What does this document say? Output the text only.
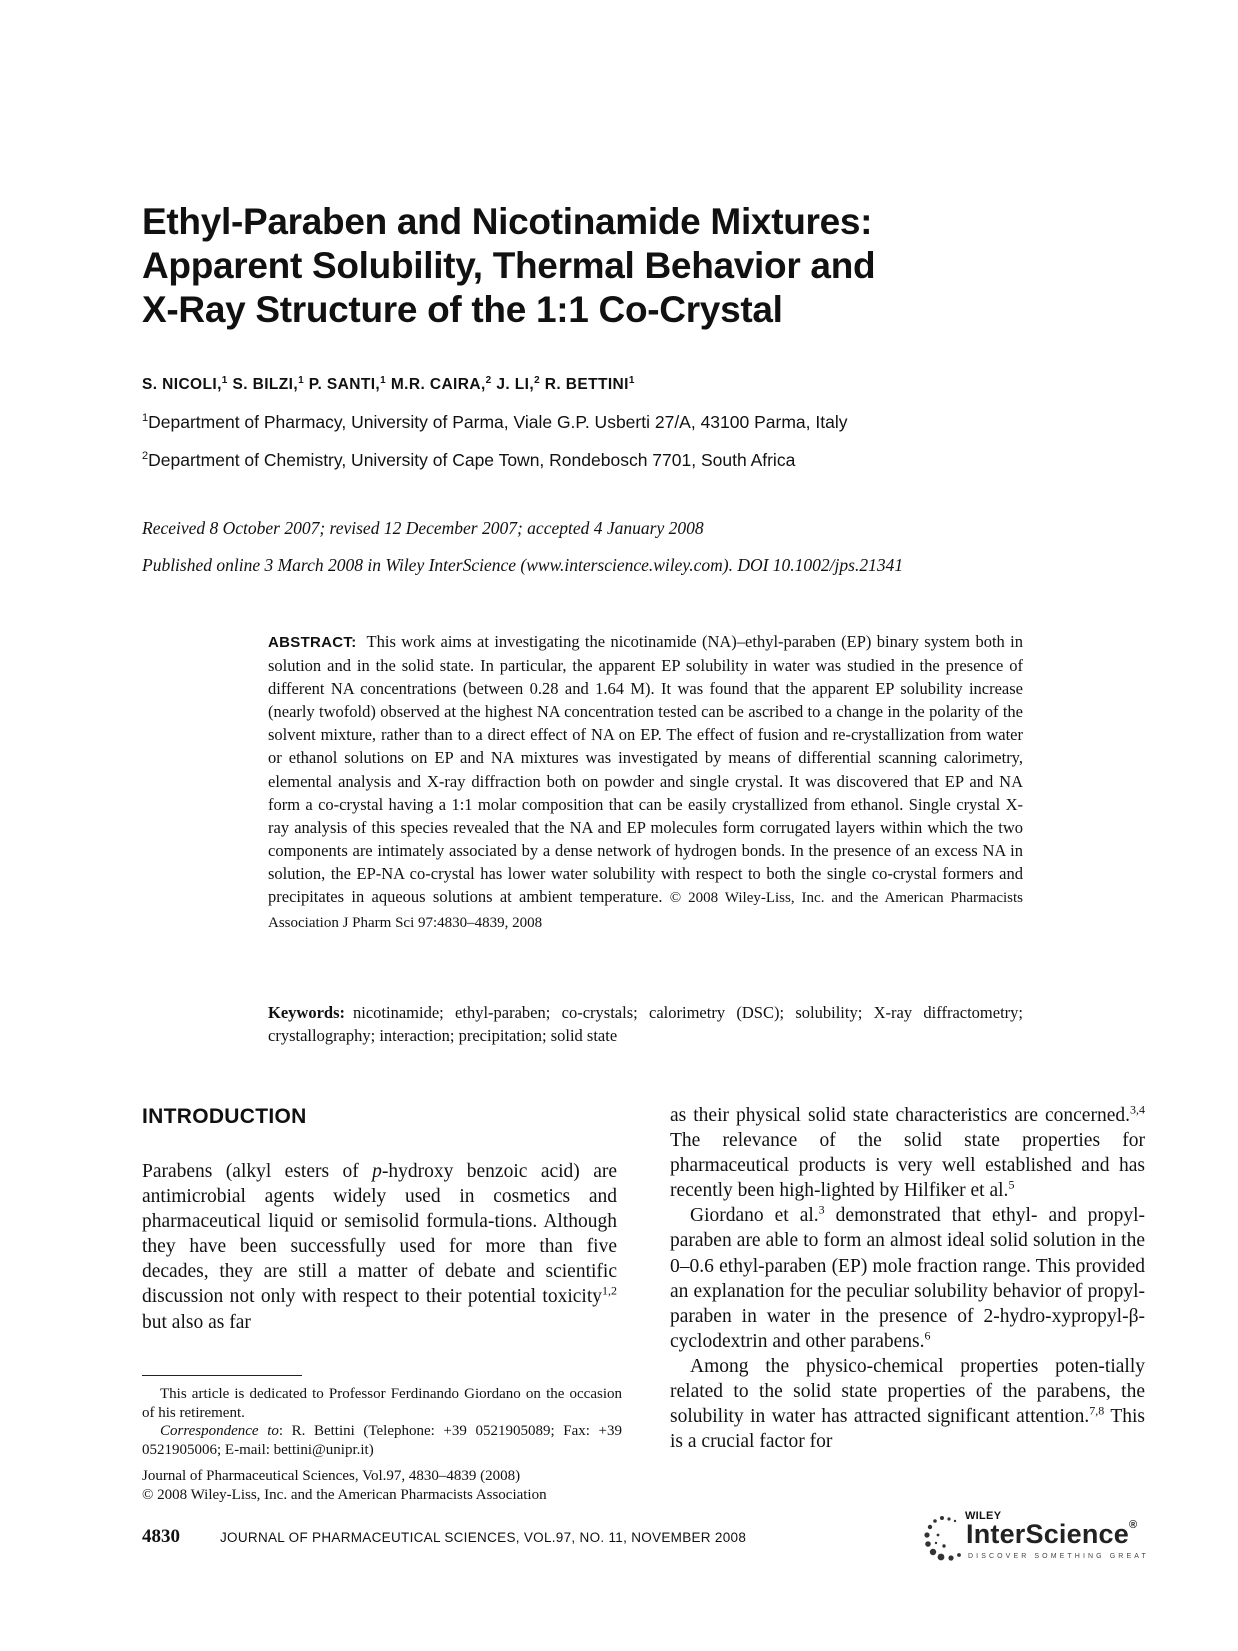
Ethyl-Paraben and Nicotinamide Mixtures:
Apparent Solubility, Thermal Behavior and
X-Ray Structure of the 1:1 Co-Crystal
S. NICOLI,$^1$ S. BILZI,$^1$ P. SANTI,$^1$ M.R. CAIRA,$^2$ J. LI,$^2$ R. BETTINI$^1$
$^1$Department of Pharmacy, University of Parma, Viale G.P. Usberti 27/A, 43100 Parma, Italy
$^2$Department of Chemistry, University of Cape Town, Rondebosch 7701, South Africa
Received 8 October 2007; revised 12 December 2007; accepted 4 January 2008
Published online 3 March 2008 in Wiley InterScience (www.interscience.wiley.com). DOI 10.1002/jps.21341
ABSTRACT: This work aims at investigating the nicotinamide (NA)–ethyl-paraben (EP) binary system both in solution and in the solid state. In particular, the apparent EP solubility in water was studied in the presence of different NA concentrations (between 0.28 and 1.64 M). It was found that the apparent EP solubility increase (nearly twofold) observed at the highest NA concentration tested can be ascribed to a change in the polarity of the solvent mixture, rather than to a direct effect of NA on EP. The effect of fusion and re-crystallization from water or ethanol solutions on EP and NA mixtures was investigated by means of differential scanning calorimetry, elemental analysis and X-ray diffraction both on powder and single crystal. It was discovered that EP and NA form a co-crystal having a 1:1 molar composition that can be easily crystallized from ethanol. Single crystal X-ray analysis of this species revealed that the NA and EP molecules form corrugated layers within which the two components are intimately associated by a dense network of hydrogen bonds. In the presence of an excess NA in solution, the EP-NA co-crystal has lower water solubility with respect to both the single co-crystal formers and precipitates in aqueous solutions at ambient temperature. © 2008 Wiley-Liss, Inc. and the American Pharmacists Association J Pharm Sci 97:4830–4839, 2008
Keywords: nicotinamide; ethyl-paraben; co-crystals; calorimetry (DSC); solubility; X-ray diffractometry; crystallography; interaction; precipitation; solid state
INTRODUCTION
Parabens (alkyl esters of p-hydroxy benzoic acid) are antimicrobial agents widely used in cosmetics and pharmaceutical liquid or semisolid formula-tions. Although they have been successfully used for more than five decades, they are still a matter of debate and scientific discussion not only with respect to their potential toxicity$^{1,2}$ but also as far

as their physical solid state characteristics are concerned.$^{3,4}$ The relevance of the solid state properties for pharmaceutical products is very well established and has recently been high-lighted by Hilfiker et al.$^5$

Giordano et al.$^3$ demonstrated that ethyl- and propyl-paraben are able to form an almost ideal solid solution in the 0–0.6 ethyl-paraben (EP) mole fraction range. This provided an explanation for the peculiar solubility behavior of propyl-paraben in water in the presence of 2-hydro-xypropyl-β-cyclodextrin and other parabens.$^6$

Among the physico-chemical properties poten-tially related to the solid state properties of the parabens, the solubility in water has attracted significant attention.$^{7,8}$ This is a crucial factor for

This article is dedicated to Professor Ferdinando Giordano on the occasion of his retirement.

Correspondence to: R. Bettini (Telephone: +39 0521905089; Fax: +39 0521905006; E-mail: bettini@unipr.it)

Journal of Pharmaceutical Sciences, Vol.97, 4830–4839 (2008)

© 2008 Wiley-Liss, Inc. and the American Pharmacists Association

4830	JOURNAL OF PHARMACEUTICAL SCIENCES, VOL.97, NO. 11, NOVEMBER 2008
WILEY
InterScience®
DISCOVER SOMETHING GREAT
